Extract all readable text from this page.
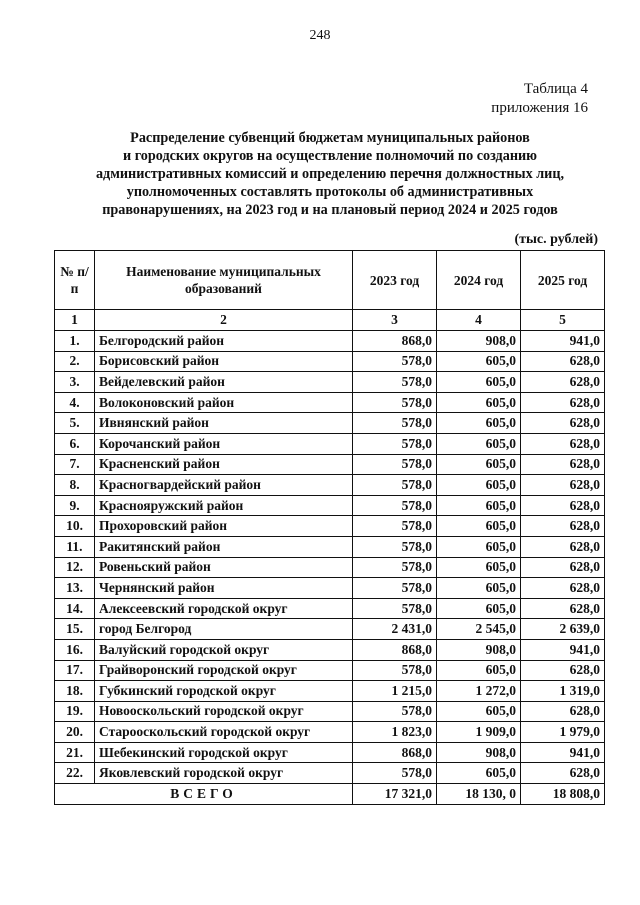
248
Таблица 4
приложения 16
Распределение субвенций бюджетам муниципальных районов
и городских округов на осуществление полномочий по созданию
административных комиссий и определению перечня должностных лиц,
уполномоченных составлять протоколы об административных
правонарушениях, на 2023 год и на плановый период 2024 и 2025 годов
(тыс. рублей)
№ п/п	Наименование муниципальных образований	2023 год	2024 год	2025 год
1	2	3	4	5
1.	Белгородский район	868,0	908,0	941,0
2.	Борисовский район	578,0	605,0	628,0
3.	Вейделевский район	578,0	605,0	628,0
4.	Волоконовский район	578,0	605,0	628,0
5.	Ивнянский район	578,0	605,0	628,0
6.	Корочанский район	578,0	605,0	628,0
7.	Красненский район	578,0	605,0	628,0
8.	Красногвардейский район	578,0	605,0	628,0
9.	Краснояружский район	578,0	605,0	628,0
10.	Прохоровский район	578,0	605,0	628,0
11.	Ракитянский район	578,0	605,0	628,0
12.	Ровеньский район	578,0	605,0	628,0
13.	Чернянский район	578,0	605,0	628,0
14.	Алексеевский городской округ	578,0	605,0	628,0
15.	город Белгород	2 431,0	2 545,0	2 639,0
16.	Валуйский городской округ	868,0	908,0	941,0
17.	Грайворонский городской округ	578,0	605,0	628,0
18.	Губкинский городской округ	1 215,0	1 272,0	1 319,0
19.	Новооскольский городской округ	578,0	605,0	628,0
20.	Старооскольский городской округ	1 823,0	1 909,0	1 979,0
21.	Шебекинский городской округ	868,0	908,0	941,0
22.	Яковлевский городской округ	578,0	605,0	628,0
ВСЕГО		17 321,0	18 130, 0	18 808,0
